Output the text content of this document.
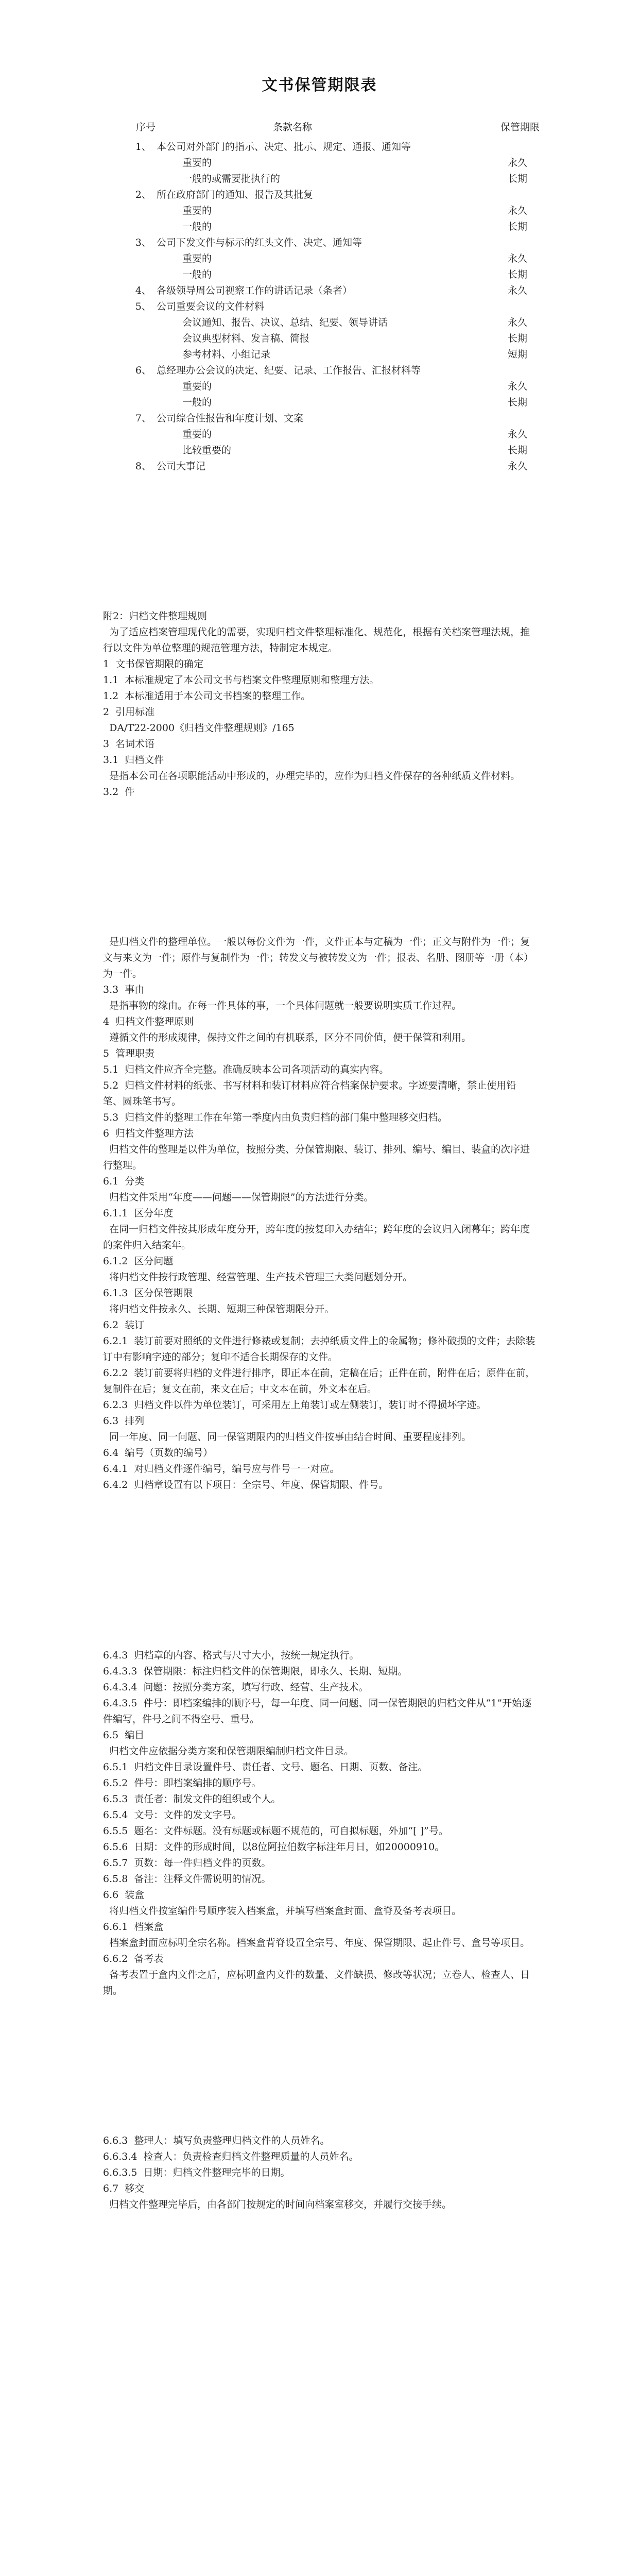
文书保管期限表
序号	条款名称	保管期限
1、 本公司对外部门的指示、决定、批示、规定、通报、通知等
重要的	永久
一般的或需要批执行的	长期
2、 所在政府部门的通知、报告及其批复
重要的	永久
一般的	长期
3、 公司下发文件与标示的红头文件、决定、通知等
重要的	永久
一般的	长期
4、 各级领导周公司视察工作的讲话记录（条者）	永久
5、 公司重要会议的文件材料
会议通知、报告、决议、总结、纪要、领导讲话	永久
会议典型材料、发言稿、简报	长期
参考材料、小组记录	短期
6、 总经理办公会议的决定、纪要、记录、工作报告、汇报材料等
重要的	永久
一般的	长期
7、 公司综合性报告和年度计划、文案
重要的	永久
比较重要的	长期
8、 公司大事记	永久

附2：归档文件整理规则

为了适应档案管理现代化的需要，实现归档文件整理标准化、规范化，根据有关档案管理法规，推行以文件为单位整理的规范管理方法，特制定本规定。

1  文书保管期限的确定

1.1  本标准规定了本公司文书与档案文件整理原则和整理方法。

1.2  本标准适用于本公司文书档案的整理工作。

2  引用标准

DA/T22-2000《归档文件整理规则》/165

3  名词术语

3.1  归档文件

是指本公司在各项职能活动中形成的，办理完毕的，应作为归档文件保存的各种纸质文件材料。

3.2  件

是归档文件的整理单位。一般以每份文件为一件，文件正本与定稿为一件；正文与附件为一件；复文与来文为一件；原件与复制件为一件；转发文与被转发文为一件；报表、名册、图册等一册（本）为一件。

3.3  事由

是指事物的缘由。在每一件具体的事，一个具体问题就一般要说明实质工作过程。

4  归档文件整理原则

遵循文件的形成规律，保持文件之间的有机联系，区分不同价值，便于保管和利用。

5  管理职责

5.1  归档文件应齐全完整。准确反映本公司各项活动的真实内容。

5.2  归档文件材料的纸张、书写材料和装订材料应符合档案保护要求。字迹要清晰，禁止使用铅笔、圆珠笔书写。

5.3  归档文件的整理工作在年第一季度内由负责归档的部门集中整理移交归档。

6  归档文件整理方法

归档文件的整理是以件为单位，按照分类、分保管期限、装订、排列、编号、编目、装盒的次序进行整理。

6.1  分类

归档文件采用“年度——问题——保管期限”的方法进行分类。

6.1.1  区分年度

在同一归档文件按其形成年度分开，跨年度的按复印入办结年；跨年度的会议归入闭幕年；跨年度的案件归入结案年。

6.1.2  区分问题

将归档文件按行政管理、经营管理、生产技术管理三大类问题划分开。

6.1.3  区分保管期限

将归档文件按永久、长期、短期三种保管期限分开。

6.2  装订

6.2.1  装订前要对照纸的文件进行修裱或复制；去掉纸质文件上的金属物；修补破损的文件；去除装订中有影响字迹的部分；复印不适合长期保存的文件。

6.2.2  装订前要将归档的文件进行排序，即正本在前，定稿在后；正件在前，附件在后；原件在前，复制件在后；复文在前，来文在后；中文本在前，外文本在后。

6.2.3  归档文件以件为单位装订，可采用左上角装订或左侧装订，装订时不得损坏字迹。

6.3  排列

同一年度、同一问题、同一保管期限内的归档文件按事由结合时间、重要程度排列。

6.4  编号（页数的编号）

6.4.1  对归档文件逐件编号，编号应与件号一一对应。

6.4.2  归档章设置有以下项目：全宗号、年度、保管期限、件号。

6.4.3  归档章的内容、格式与尺寸大小，按统一规定执行。

6.4.3.3  保管期限：标注归档文件的保管期限，即永久、长期、短期。

6.4.3.4  问题：按照分类方案，填写行政、经营、生产技术。

6.4.3.5  件号：即档案编排的顺序号，每一年度、同一问题、同一保管期限的归档文件从“1”开始逐件编写，件号之间不得空号、重号。

6.5  编目

归档文件应依据分类方案和保管期限编制归档文件目录。

6.5.1  归档文件目录设置件号、责任者、文号、题名、日期、页数、备注。

6.5.2  件号：即档案编排的顺序号。

6.5.3  责任者：制发文件的组织或个人。

6.5.4  文号：文件的发文字号。

6.5.5  题名：文件标题。没有标题或标题不规范的，可自拟标题，外加“[ ]”号。

6.5.6  日期：文件的形成时间，以8位阿拉伯数字标注年月日，如20000910。

6.5.7  页数：每一件归档文件的页数。

6.5.8  备注：注释文件需说明的情况。

6.6  装盒

将归档文件按室编件号顺序装入档案盒，并填写档案盒封面、盒脊及备考表项目。

6.6.1  档案盒

档案盒封面应标明全宗名称。档案盒背脊设置全宗号、年度、保管期限、起止件号、盒号等项目。

6.6.2  备考表

备考表置于盒内文件之后，应标明盒内文件的数量、文件缺损、修改等状况；立卷人、检查人、日期。

6.6.3  整理人：填写负责整理归档文件的人员姓名。

6.6.3.4  检查人：负责检查归档文件整理质量的人员姓名。

6.6.3.5  日期：归档文件整理完毕的日期。

6.7  移交

归档文件整理完毕后，由各部门按规定的时间向档案室移交，并履行交接手续。
